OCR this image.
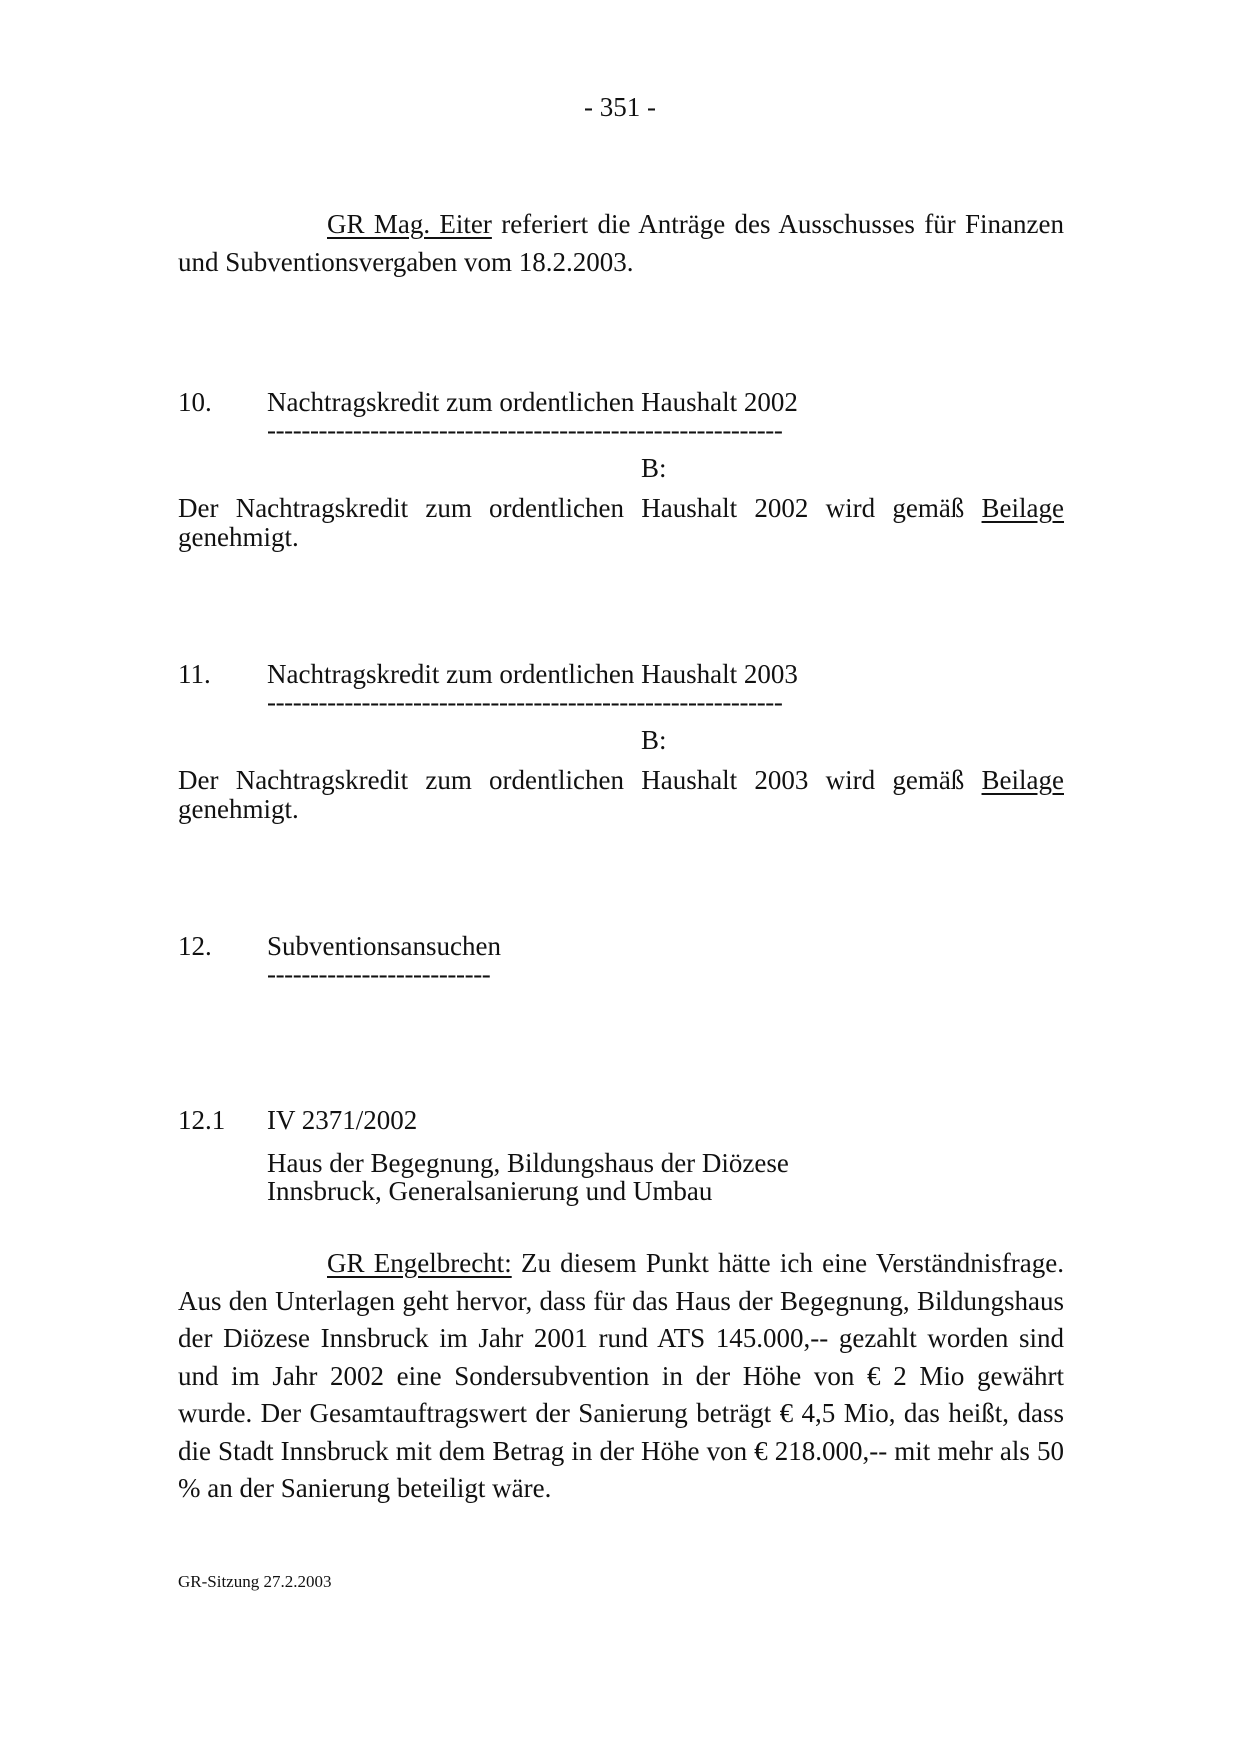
- 351 -
GR Mag. Eiter referiert die Anträge des Ausschusses für Finanzen und Subventionsvergaben vom 18.2.2003.
10. Nachtragskredit zum ordentlichen Haushalt 2002
------------------------------------------------------------
B:
Der Nachtragskredit zum ordentlichen Haushalt 2002 wird gemäß Beilage genehmigt.
11. Nachtragskredit zum ordentlichen Haushalt 2003
------------------------------------------------------------
B:
Der Nachtragskredit zum ordentlichen Haushalt 2003 wird gemäß Beilage genehmigt.
12. Subventionsansuchen
--------------------------
12.1 IV 2371/2002
Haus der Begegnung, Bildungshaus der Diözese Innsbruck, Generalsanierung und Umbau
GR Engelbrecht: Zu diesem Punkt hätte ich eine Verständnisfrage. Aus den Unterlagen geht hervor, dass für das Haus der Begegnung, Bildungshaus der Diözese Innsbruck im Jahr 2001 rund ATS 145.000,-- gezahlt worden sind und im Jahr 2002 eine Sondersubvention in der Höhe von € 2 Mio gewährt wurde. Der Gesamtauftragswert der Sanierung beträgt € 4,5 Mio, das heißt, dass die Stadt Innsbruck mit dem Betrag in der Höhe von € 218.000,-- mit mehr als 50 % an der Sanierung beteiligt wäre.
GR-Sitzung 27.2.2003
